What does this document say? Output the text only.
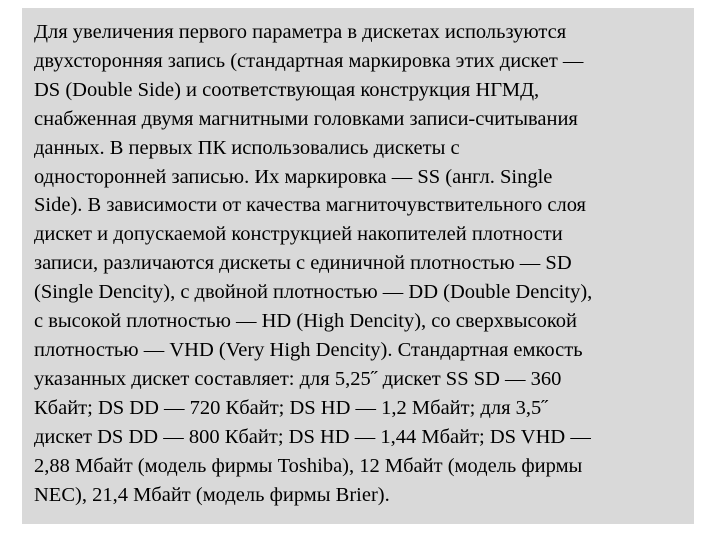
Для увеличения первого параметра в дискетах используются
двухсторонняя запись (стандартная маркировка этих дискет —
DS (Double Side) и соответствующая конструкция НГМД,
снабженная двумя магнитными головками записи-считывания
данных. В первых ПК использовались дискеты с
односторонней записью. Их маркировка — SS (англ. Single
Side). В зависимости от качества магниточувствительного слоя
дискет и допускаемой конструкцией накопителей плотности
записи, различаются дискеты с единичной плотностью — SD
(Single Dencity), с двойной плотностью — DD (Double Dencity),
с высокой плотностью — HD (High Dencity), со сверхвысокой
плотностью — VHD (Very High Dencity). Стандартная емкость
указанных дискет составляет: для 5,25˝ дискет SS SD — 360
Кбайт; DS DD — 720 Кбайт; DS HD — 1,2 Мбайт; для 3,5˝
дискет DS DD — 800 Кбайт; DS HD — 1,44 Мбайт; DS VHD —
2,88 Мбайт (модель фирмы Toshiba), 12 Мбайт (модель фирмы
NEC), 21,4 Мбайт (модель фирмы Brier).
